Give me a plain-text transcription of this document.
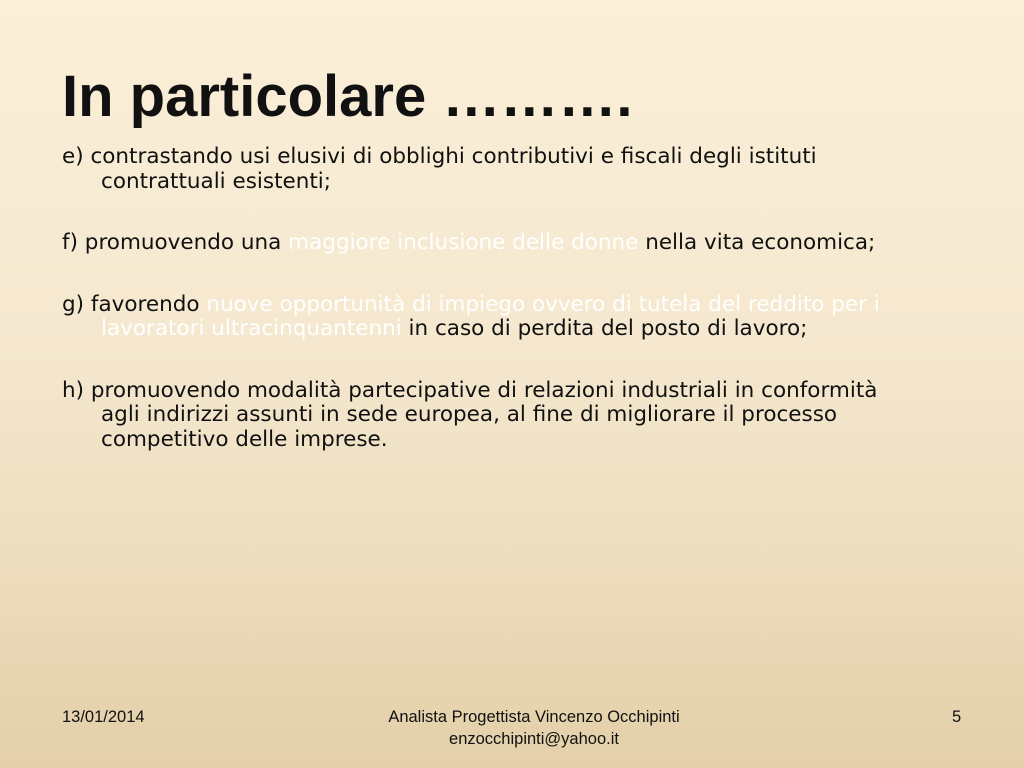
In particolare ……….
e) contrastando usi elusivi di obblighi contributivi e fiscali degli istituti contrattuali esistenti;
f) promuovendo una maggiore inclusione delle donne nella vita economica;
g) favorendo nuove opportunità di impiego ovvero di tutela del reddito per i lavoratori ultracinquantenni in caso di perdita del posto di lavoro;
h) promuovendo modalità partecipative di relazioni industriali in conformità agli indirizzi assunti in sede europea, al fine di migliorare il processo competitivo delle imprese.
13/01/2014	Analista Progettista Vincenzo Occhipinti
enzocchipinti@yahoo.it
5
